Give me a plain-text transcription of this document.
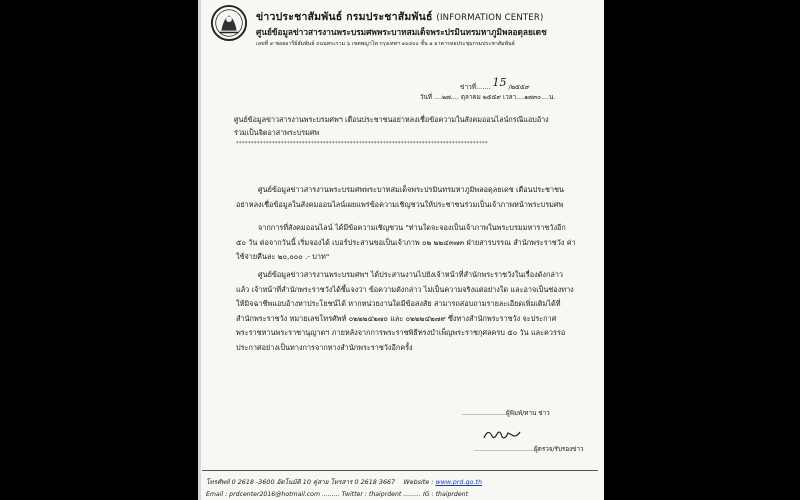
ข่าวประชาสัมพันธ์ กรมประชาสัมพันธ์ (INFORMATION CENTER)
ศูนย์ข้อมูลข่าวสารงานพระบรมศพพระบาทสมเด็จพระปรมินทรมหาภูมิพลอดุลยเดช
เลขที่ ๙ ซอยอารีย์สัมพันธ์ ถนนพระราม ๖ เขตพญาไท กรุงเทพฯ ๑๐๔๐๐ ชั้น ๑ อาคารหอประชุมกรมประชาสัมพันธ์
ข่าวที่....... 15 /๒๕๕๙
วันที่ ....๒๗.... ตุลาคม ๒๕๕๙ เวลา....๑๗๓๐....น.
ศูนย์ข้อมูลข่าวสารงานพระบรมศพฯ เตือนประชาชนอย่าหลงเชื่อข้อความในสังคมออนไลน์กรณีแอบอ้าง
ร่วมเป็นจิตอาสาพระบรมศพ
************************************************************************************
ศูนย์ข้อมูลข่าวสารงานพระบรมศพพระบาทสมเด็จพระปรมินทรมหาภูมิพลอดุลยเดช เตือนประชาชนอย่าหลงเชื่อข้อมูลในสังคมออนไลน์เผยแพร่ข้อความเชิญชวนให้ประชาชนร่วมเป็นเจ้าภาพหน้าพระบรมศพ
จากการที่สังคมออนไลน์ ได้มีข้อความเชิญชวน "ท่านใดจะจองเป็นเจ้าภาพในพระบรมมหาราชวังอีก ๕๐ วัน ต่อจากวันนี้ เริ่มจองได้ เบอร์ประสานขอเป็นเจ้าภาพ ๐๒ ๒๒๔๓๗๓ ฝ่ายสารบรรณ สำนักพระราชวัง ค่าใช้จ่ายคืนละ ๒๐,๐๐๐ .- บาท"
ศูนย์ข้อมูลข่าวสารงานพระบรมศพฯ ได้ประสานงานไปยังเจ้าหน้าที่สำนักพระราชวังในเรื่องดังกล่าวแล้ว เจ้าหน้าที่สำนักพระราชวังได้ชี้แจงว่า ข้อความดังกล่าว ไม่เป็นความจริงแต่อย่างใด และอาจเป็นช่องทางให้มิจฉาชีพแอบอ้างหาประโยชน์ได้ หากหน่วยงานใดมีข้อสงสัย สามารถสอบถามรายละเอียดเพิ่มเติมได้ที่ สำนักพระราชวัง หมายเลขโทรศัพท์ ๐๒๒๒๔๒๗๐ และ ๐๒๒๒๔๒๗๙ ซึ่งทางสำนักพระราชวัง จะประกาศพระราชทานพระราชานุญาตฯ ภายหลังจากการพระราชพิธีทรงบำเพ็ญพระราชกุศลครบ ๕๐ วัน และควรรอประกาศอย่างเป็นทางการจากทางสำนักพระราชวังอีกครั้ง
......................ผู้พิมพ์/ทาน ข่าว
..............................ผู้ตรวจ/รับรองข่าว
โทรศัพท์ 0 2618 -3600 อัตโนมัติ 10 คู่สาย โทรสาร 0 2618 3667 Website : www.prd.go.th
Email : prdcenter2016@hotmail.com ......... Twitter : thaiprdent ......... IG : thaiprdent
